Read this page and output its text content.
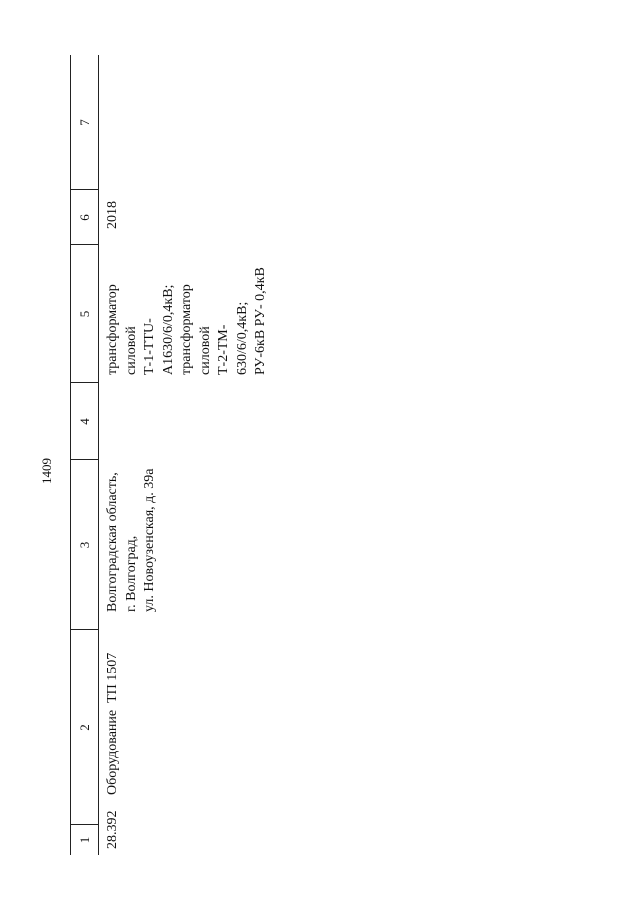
1409
1
2
3
4
5
6
7
28.392
Оборудование  ТП 1507
Волгоградская область, г. Волгоград, ул. Новоузенская, д. 39а
трансформатор силовой Т-1-ТТU- А1630/6/0,4кВ; трансформатор силовой Т-2-ТМ- 630/6/0,4кВ; РУ-6кВ РУ- 0,4кВ
2018
